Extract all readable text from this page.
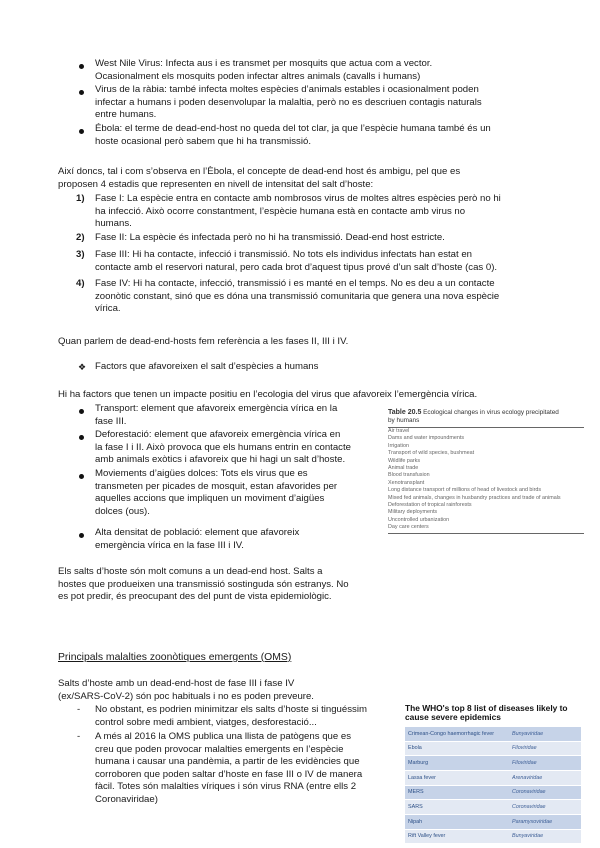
West Nile Virus: Infecta aus i es transmet per mosquits que actua com a vector.
Ocasionalment els mosquits poden infectar altres animals (cavalls i humans)
Virus de la ràbia: també infecta moltes espècies d’animals estables i ocasionalment poden
infectar a humans i poden desenvolupar la malaltia, però no es descriuen contagis naturals
entre humans.
Ébola: el terme de dead-end-host no queda del tot clar, ja que l’espècie humana també és un
hoste ocasional però sabem que hi ha transmissió.
Així doncs, tal i com s’observa en l’Èbola, el concepte de dead-end host és ambigu, pel que es
proposen 4 estadis que representen en nivell de intensitat del salt d’hoste:
1) Fase I: La espècie entra en contacte amb nombrosos virus de moltes altres espècies però no hi
ha infecció. Això ocorre constantment, l’espècie humana està en contacte amb virus no
humans.
2) Fase II: La espècie és infectada però no hi ha transmissió. Dead-end host estricte.
3) Fase III: Hi ha contacte, infecció i transmissió. No tots els individus infectats han estat en
contacte amb el reservori natural, pero cada brot d’aquest tipus prové d’un salt d’hoste (cas 0).
4) Fase IV: Hi ha contacte, infecció, transmissió i es manté en el temps. No es deu a un contacte
zoonòtic constant, sinó que es dóna una transmissió comunitaria que genera una nova espècie
vírica.
Quan parlem de dead-end-hosts fem referència a les fases II, III i IV.
❖ Factors que afavoreixen el salt d’espècies a humans
Hi ha factors que tenen un impacte positiu en l’ecologia del virus que afavoreix l’emergència vírica.
Transport: element que afavoreix emergència vírica en la
fase III.
Deforestació: element que afavoreix emergència vírica en
la fase I i II. Això provoca que els humans entrin en contacte
amb animals exòtics i afavoreix que hi hagi un salt d’hoste.
Moviements d’aigües dolces: Tots els virus que es
transmeten per picades de mosquit, estan afavorides per
aquelles accions que impliquen un moviment d’aigües
dolces (ous).
Alta densitat de població: element que afavoreix
emergència vírica en la fase III i IV.
Table 20.5 Ecological changes in virus ecology precipitated
by humans
Air travel
Dams and water impoundments
Irrigation
Transport of wild species, bushmeat
Wildlife parks
Animal trade
Blood transfusion
Xenotransplant
Long distance transport of millions of head of livestock and birds
Mixed fed animals, changes in husbandry practices and trade of animals
Deforestation of tropical rainforests
Military deployments
Uncontrolled urbanization
Day care centers
Els salts d’hoste són molt comuns a un dead-end host. Salts a
hostes que produeixen una transmissió sostinguda són estranys. No
es pot predir, és preocupant des del punt de vista epidemiològic.
Principals malalties zoonòtiques emergents (OMS)
Salts d’hoste amb un dead-end-host de fase III i fase IV
(ex/SARS-CoV-2) són poc habituals i no es poden preveure.
- No obstant, es podrien minimitzar els salts d’hoste si tinguéssim
control sobre medi ambient, viatges, desforestació...
- A més al 2016 la OMS publica una llista de patògens que es
creu que poden provocar malalties emergents en l’espècie
humana i causar una pandèmia, a partir de les evidències que
corroboren que poden saltar d’hoste en fase III o IV de manera
fàcil. Totes són malalties víriques i són virus RNA (entre ells 2
Coronaviridae)
The WHO's top 8 list of diseases likely to
cause severe epidemics
Crimean-Congo haemorrhagic fever	Bunyaviridae
Ebola	Filoviridae
Marburg	Filoviridae
Lassa fever	Arenaviridae
MERS	Coronaviridae
SARS	Coronaviridae
Nipah	Paramyxoviridae
Rift Valley fever	Bunyaviridae
